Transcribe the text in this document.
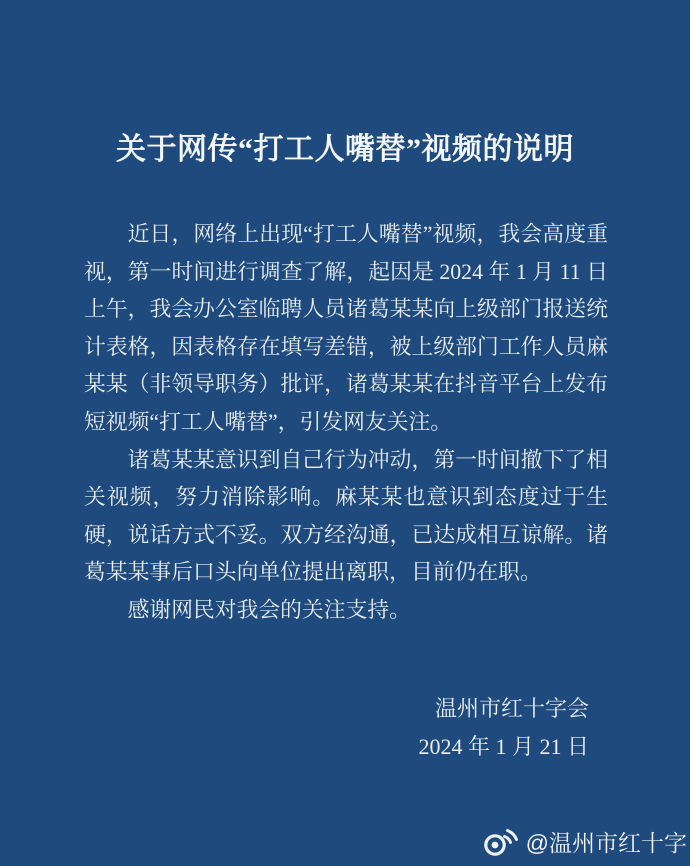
关于网传“打工人嘴替”视频的说明

近日，网络上出现“打工人嘴替”视频，我会高度重视，第一时间进行调查了解，起因是 2024 年 1 月 11 日上午，我会办公室临聘人员诸葛某某向上级部门报送统计表格，因表格存在填写差错，被上级部门工作人员麻某某（非领导职务）批评，诸葛某某在抖音平台上发布短视频“打工人嘴替”，引发网友关注。

诸葛某某意识到自己行为冲动，第一时间撤下了相关视频，努力消除影响。麻某某也意识到态度过于生硬，说话方式不妥。双方经沟通，已达成相互谅解。诸葛某某事后口头向单位提出离职，目前仍在职。

感谢网民对我会的关注支持。

温州市红十字会
2024 年 1 月 21 日
@温州市红十字
